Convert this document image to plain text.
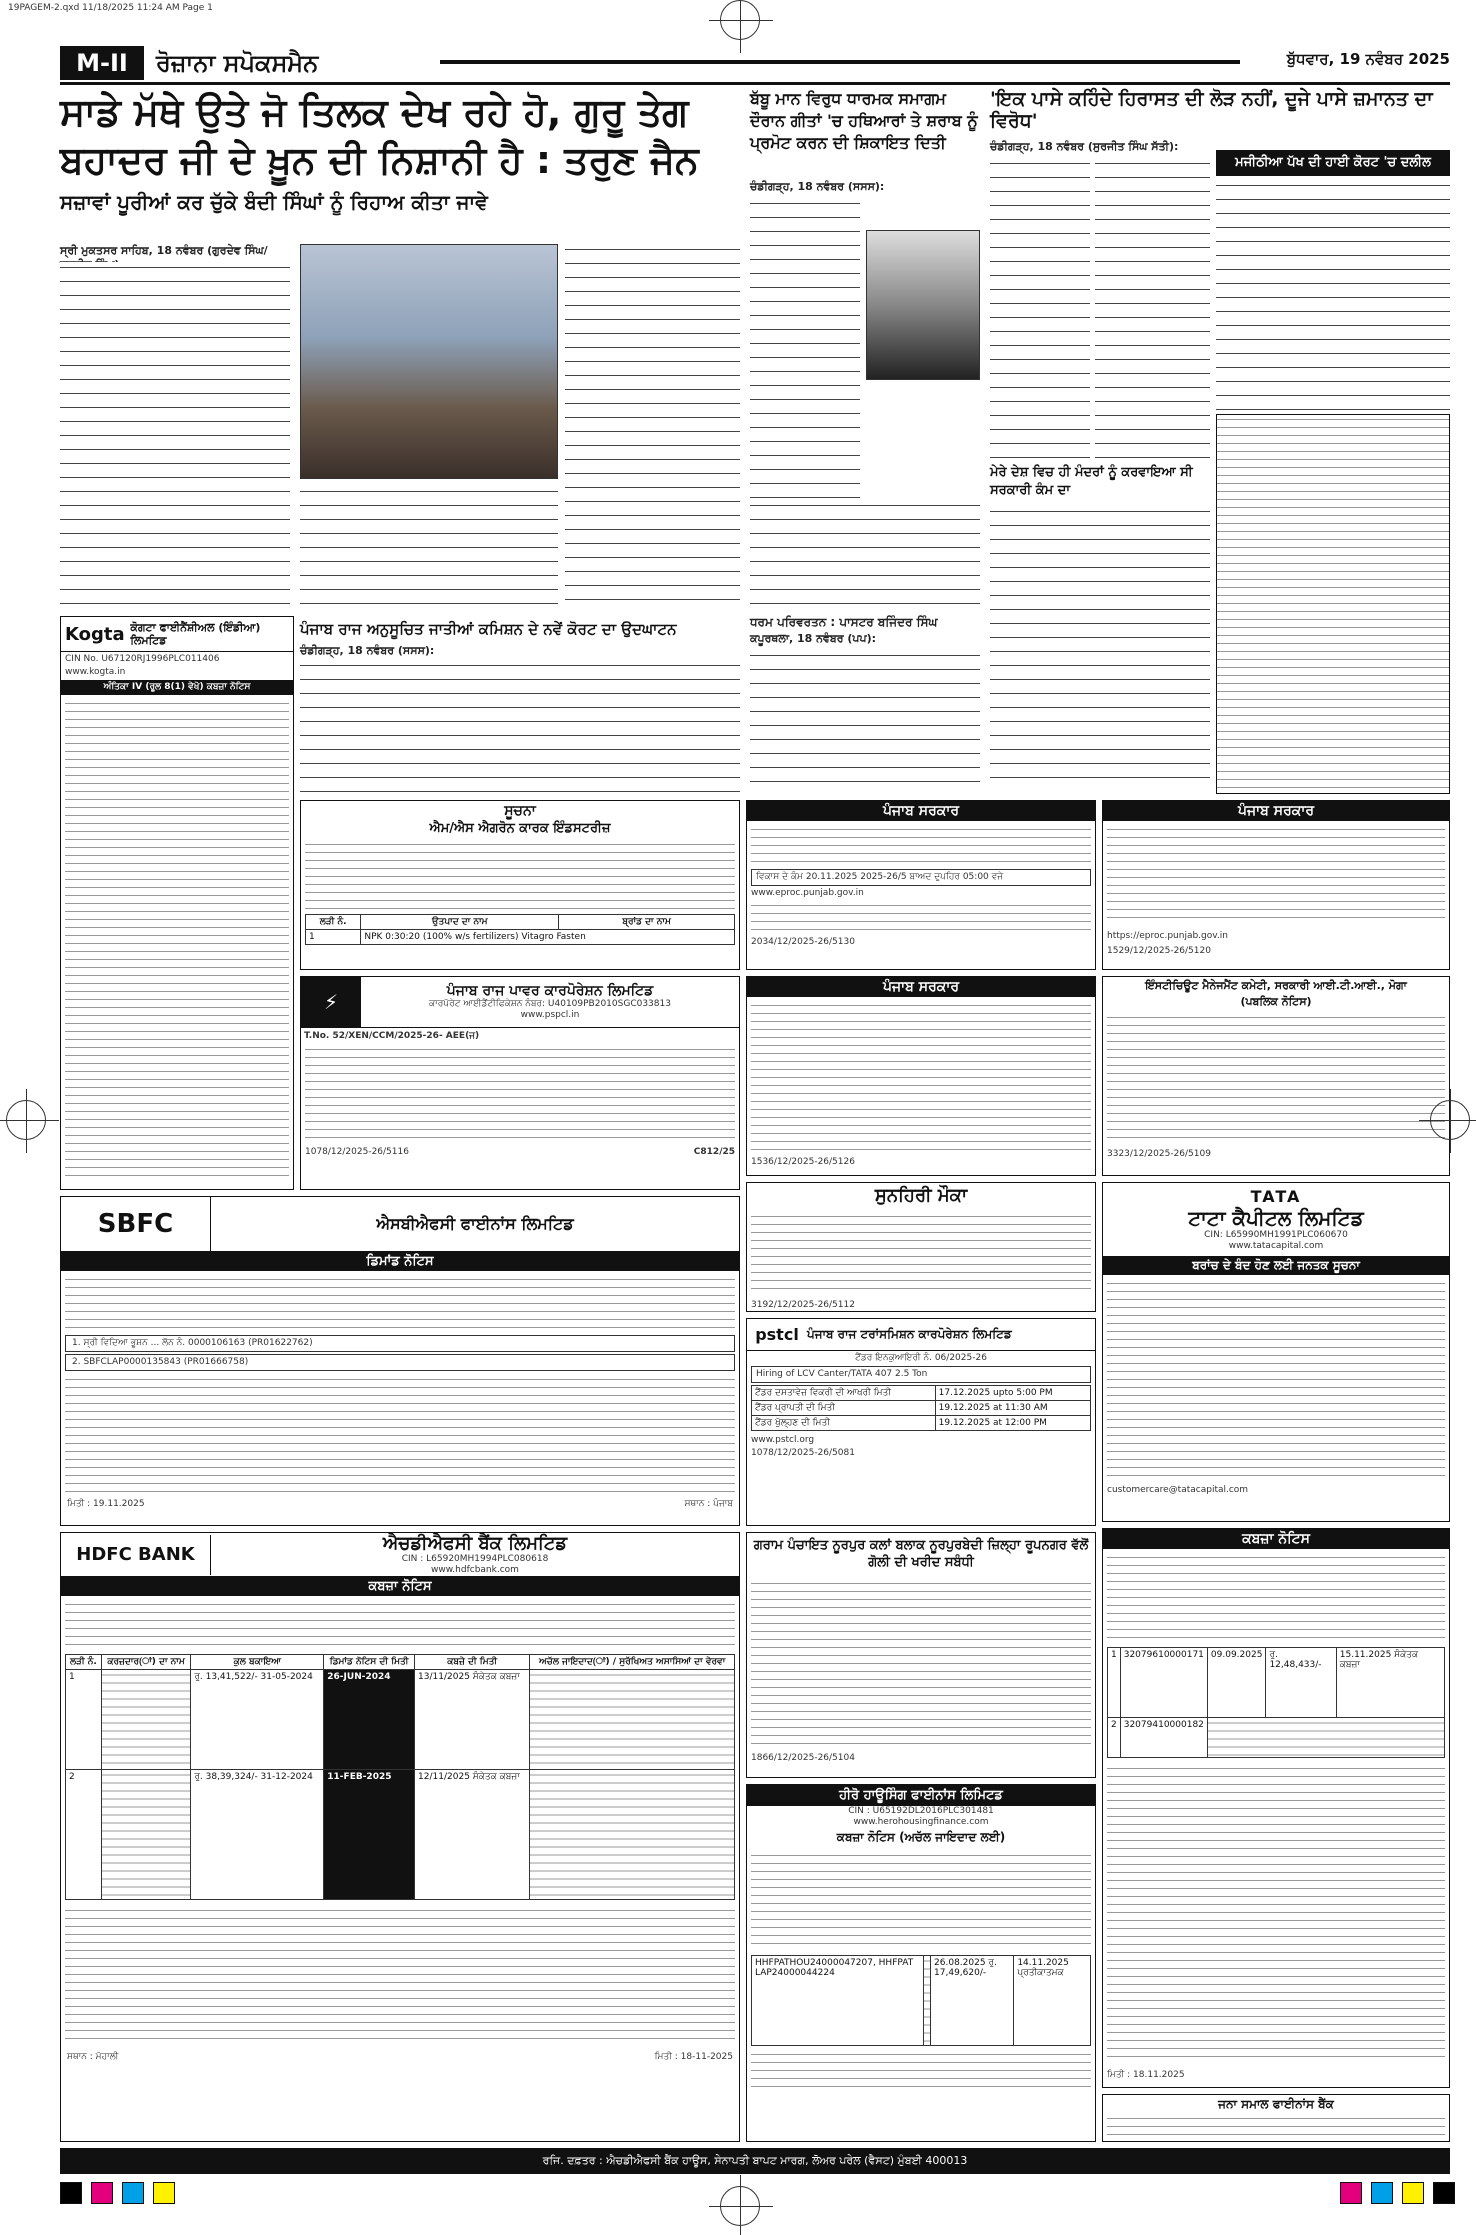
19PAGEM-2.qxd 11/18/2025 11:24 AM Page 1
M-II	ਰੋਜ਼ਾਨਾ ਸਪੋਕਸਮੈਨ	ਬੁੱਧਵਾਰ, 19 ਨਵੰਬਰ 2025
ਸਾਡੇ ਮੱਥੇ ਉਤੇ ਜੋ ਤਿਲਕ ਦੇਖ ਰਹੇ ਹੋ, ਗੁਰੂ ਤੇਗ ਬਹਾਦਰ ਜੀ ਦੇ ਖ਼ੂਨ ਦੀ ਨਿਸ਼ਾਨੀ ਹੈ : ਤਰੁਣ ਜੈਨ
ਸਜ਼ਾਵਾਂ ਪੂਰੀਆਂ ਕਰ ਚੁੱਕੇ ਬੰਦੀ ਸਿੰਘਾਂ ਨੂੰ ਰਿਹਾਅ ਕੀਤਾ ਜਾਵੇ
ਸ੍ਰੀ ਮੁਕਤਸਰ ਸਾਹਿਬ, 18 ਨਵੰਬਰ (ਗੁਰਦੇਵ ਸਿੰਘ/
ਬੱਬੂ ਮਾਨ ਵਿਰੁਧ ਧਾਰਮਕ ਸਮਾਗਮ ਦੌਰਾਨ ਗੀਤਾਂ 'ਚ ਹਥਿਆਰਾਂ ਤੇ ਸ਼ਰਾਬ ਨੂੰ ਪ੍ਰਮੋਟ ਕਰਨ ਦੀ ਸ਼ਿਕਾਇਤ ਦਿਤੀ
ਚੰਡੀਗੜ੍ਹ, 18 ਨਵੰਬਰ (ਸਸਸ):
'ਇਕ ਪਾਸੇ ਕਹਿੰਦੇ ਹਿਰਾਸਤ ਦੀ ਲੋੜ ਨਹੀਂ, ਦੂਜੇ ਪਾਸੇ ਜ਼ਮਾਨਤ ਦਾ ਵਿਰੋਧ'
ਚੰਡੀਗੜ੍ਹ, 18 ਨਵੰਬਰ (ਸੁਰਜੀਤ ਸਿੰਘ ਸੱਤੀ):
ਮਜੀਠੀਆ ਪੱਖ ਦੀ ਹਾਈ ਕੋਰਟ 'ਚ ਦਲੀਲ
ਮੇਰੇ ਦੇਸ਼ ਵਿਚ ਹੀ ਮੰਦਰਾਂ ਨੂੰ ਕਰਵਾਇਆ ਸੀ ਸਰਕਾਰੀ ਕੰਮ ਦਾ
ਧਰਮ ਪਰਿਵਰਤਨ : ਪਾਸਟਰ ਬਜਿੰਦਰ ਸਿੰਘ
ਕਪੂਰਥਲਾ, 18 ਨਵੰਬਰ (ਪਪ):
ਪੰਜਾਬ ਰਾਜ ਅਨੁਸੂਚਿਤ ਜਾਤੀਆਂ ਕਮਿਸ਼ਨ ਦੇ ਨਵੇਂ ਕੋਰਟ ਦਾ ਉਦਘਾਟਨ
ਚੰਡੀਗੜ੍ਹ, 18 ਨਵੰਬਰ (ਸਸਸ):
Kogta ਕੋਗਟਾ ਫਾਈਨੈਂਸ਼ੀਅਲ (ਇੰਡੀਆ) ਲਿਮਟਿਡ
CIN No. U67120RJ1996PLC011406
www.kogta.in
ਅੰਤਿਕਾ IV (ਰੂਲ 8(1) ਵੇਖੋ) ਕਬਜ਼ਾ ਨੋਟਿਸ
ਸੂਚਨਾ
ਐਮ/ਐਸ ਐਗਰੋਨ ਕਾਰਕ ਇੰਡਸਟਰੀਜ਼
ਲੜੀ ਨੰ.	ਉਤਪਾਦ ਦਾ ਨਾਮ	ਬ੍ਰਾਂਡ ਦਾ ਨਾਮ
1	NPK 0:30:20 (100% w/s fertilizers) Vitagro Fasten	
⚡	ਪੰਜਾਬ ਰਾਜ ਪਾਵਰ ਕਾਰਪੋਰੇਸ਼ਨ ਲਿਮਟਿਡ
ਕਾਰਪੋਰੇਟ ਆਈਡੈਂਟੀਫਿਕੇਸ਼ਨ ਨੰਬਰ: U40109PB2010SGC033813
www.pspcl.in
T.No. 52/XEN/CCM/2025-26- AEE(ਜ)
1078/12/2025-26/5116	C812/25
ਪੰਜਾਬ ਸਰਕਾਰ
ਵਿਕਾਸ ਦੇ ਕੰਮ 20.11.2025 2025-26/5 ਬਾਅਦ ਦੁਪਹਿਰ 05:00 ਵਜੇ
www.eproc.punjab.gov.in
2034/12/2025-26/5130
ਪੰਜਾਬ ਸਰਕਾਰ
https://eproc.punjab.gov.in
1529/12/2025-26/5120
ਪੰਜਾਬ ਸਰਕਾਰ
1536/12/2025-26/5126
ਇੰਸਟੀਚਿਊਟ ਮੈਨੇਜਮੈਂਟ ਕਮੇਟੀ, ਸਰਕਾਰੀ ਆਈ.ਟੀ.ਆਈ., ਮੋਗਾ
(ਪਬਲਿਕ ਨੋਟਿਸ)
3323/12/2025-26/5109
ਸੁਨਹਿਰੀ ਮੌਕਾ
3192/12/2025-26/5112
TATA
ਟਾਟਾ ਕੈਪੀਟਲ ਲਿਮਟਿਡ
CIN: L65990MH1991PLC060670
www.tatacapital.com
ਬਰਾਂਚ ਦੇ ਬੰਦ ਹੋਣ ਲਈ ਜਨਤਕ ਸੂਚਨਾ
customercare@tatacapital.com
SBFC	ਐਸਬੀਐਫਸੀ ਫਾਈਨਾਂਸ ਲਿਮਟਿਡ
ਡਿਮਾਂਡ ਨੋਟਿਸ
1. ਸ੍ਰੀ ਵਿਦਿਆ ਭੂਸ਼ਨ ... ਲੋਨ ਨੰ. 0000106163 (PR01622762)
2. SBFCLAP0000135843 (PR01666758)
ਮਿਤੀ : 19.11.2025	ਸਥਾਨ : ਪੰਜਾਬ
pstcl ਪੰਜਾਬ ਰਾਜ ਟਰਾਂਸਮਿਸ਼ਨ ਕਾਰਪੋਰੇਸ਼ਨ ਲਿਮਟਿਡ
ਟੈਂਡਰ ਇਨਕੁਆਇਰੀ ਨੰ. 06/2025-26
Hiring of LCV Canter/TATA 407 2.5 Ton
ਟੈਂਡਰ ਦਸਤਾਵੇਜ਼ ਵਿਕਰੀ ਦੀ ਆਖਰੀ ਮਿਤੀ	17.12.2025 upto 5:00 PM
ਟੈਂਡਰ ਪ੍ਰਾਪਤੀ ਦੀ ਮਿਤੀ	19.12.2025 at 11:30 AM
ਟੈਂਡਰ ਖੁੱਲ੍ਹਣ ਦੀ ਮਿਤੀ	19.12.2025 at 12:00 PM
www.pstcl.org
1078/12/2025-26/5081
HDFC BANK	ਐਚਡੀਐਫਸੀ ਬੈਂਕ ਲਿਮਟਿਡ
CIN : L65920MH1994PLC080618
www.hdfcbank.com
ਕਬਜ਼ਾ ਨੋਟਿਸ
ਲੜੀ ਨੰ.	ਕਰਜ਼ਦਾਰ(ਾਂ) ਦਾ ਨਾਮ	ਕੁਲ ਬਕਾਇਆ	ਡਿਮਾਂਡ ਨੋਟਿਸ ਦੀ ਮਿਤੀ	ਕਬਜ਼ੇ ਦੀ ਮਿਤੀ	ਅਚੱਲ ਜਾਇਦਾਦ(ਾਂ) / ਸੁਰੱਖਿਅਤ ਅਸਾਸਿਆਂ ਦਾ ਵੇਰਵਾ
1		ਰੁ. 13,41,522/- 31-05-2024	26-JUN-2024	13/11/2025 ਸੰਕੇਤਕ ਕਬਜ਼ਾ	
2		ਰੁ. 38,39,324/- 31-12-2024	11-FEB-2025	12/11/2025 ਸੰਕੇਤਕ ਕਬਜ਼ਾ	
ਸਥਾਨ : ਮੋਹਾਲੀ	ਮਿਤੀ : 18-11-2025
ਗਰਾਮ ਪੰਚਾਇਤ ਨੂਰਪੁਰ ਕਲਾਂ ਬਲਾਕ ਨੂਰਪੁਰਬੇਦੀ ਜ਼ਿਲ੍ਹਾ ਰੂਪਨਗਰ ਵੱਲੋਂ ਗੋਲੀ ਦੀ ਖਰੀਦ ਸਬੰਧੀ
1866/12/2025-26/5104
ਹੀਰੋ ਹਾਊਸਿੰਗ ਫਾਈਨਾਂਸ ਲਿਮਿਟਡ
CIN : U65192DL2016PLC301481
www.herohousingfinance.com
ਕਬਜ਼ਾ ਨੋਟਿਸ (ਅਚੱਲ ਜਾਇਦਾਦ ਲਈ)
HHFPATHOU24000047207, HHFPAT LAP24000044224		26.08.2025 ਰੁ. 17,49,620/-	14.11.2025 ਪ੍ਰਤੀਕਾਤਮਕ
ਕਬਜ਼ਾ ਨੋਟਿਸ
1	32079610000171	09.09.2025	ਰੁ. 12,48,433/-	15.11.2025 ਸੰਕੇਤਕ ਕਬਜ਼ਾ
2	32079410000182			
ਮਿਤੀ : 18.11.2025
ਜਨਾ ਸਮਾਲ ਫਾਈਨਾਂਸ ਬੈਂਕ
ਰਜਿ. ਦਫ਼ਤਰ : ਐਚਡੀਐਫਸੀ ਬੈਂਕ ਹਾਊਸ, ਸੇਨਾਪਤੀ ਬਾਪਟ ਮਾਰਗ, ਲੋਅਰ ਪਰੇਲ (ਵੈਸਟ) ਮੁੰਬਈ 400013
